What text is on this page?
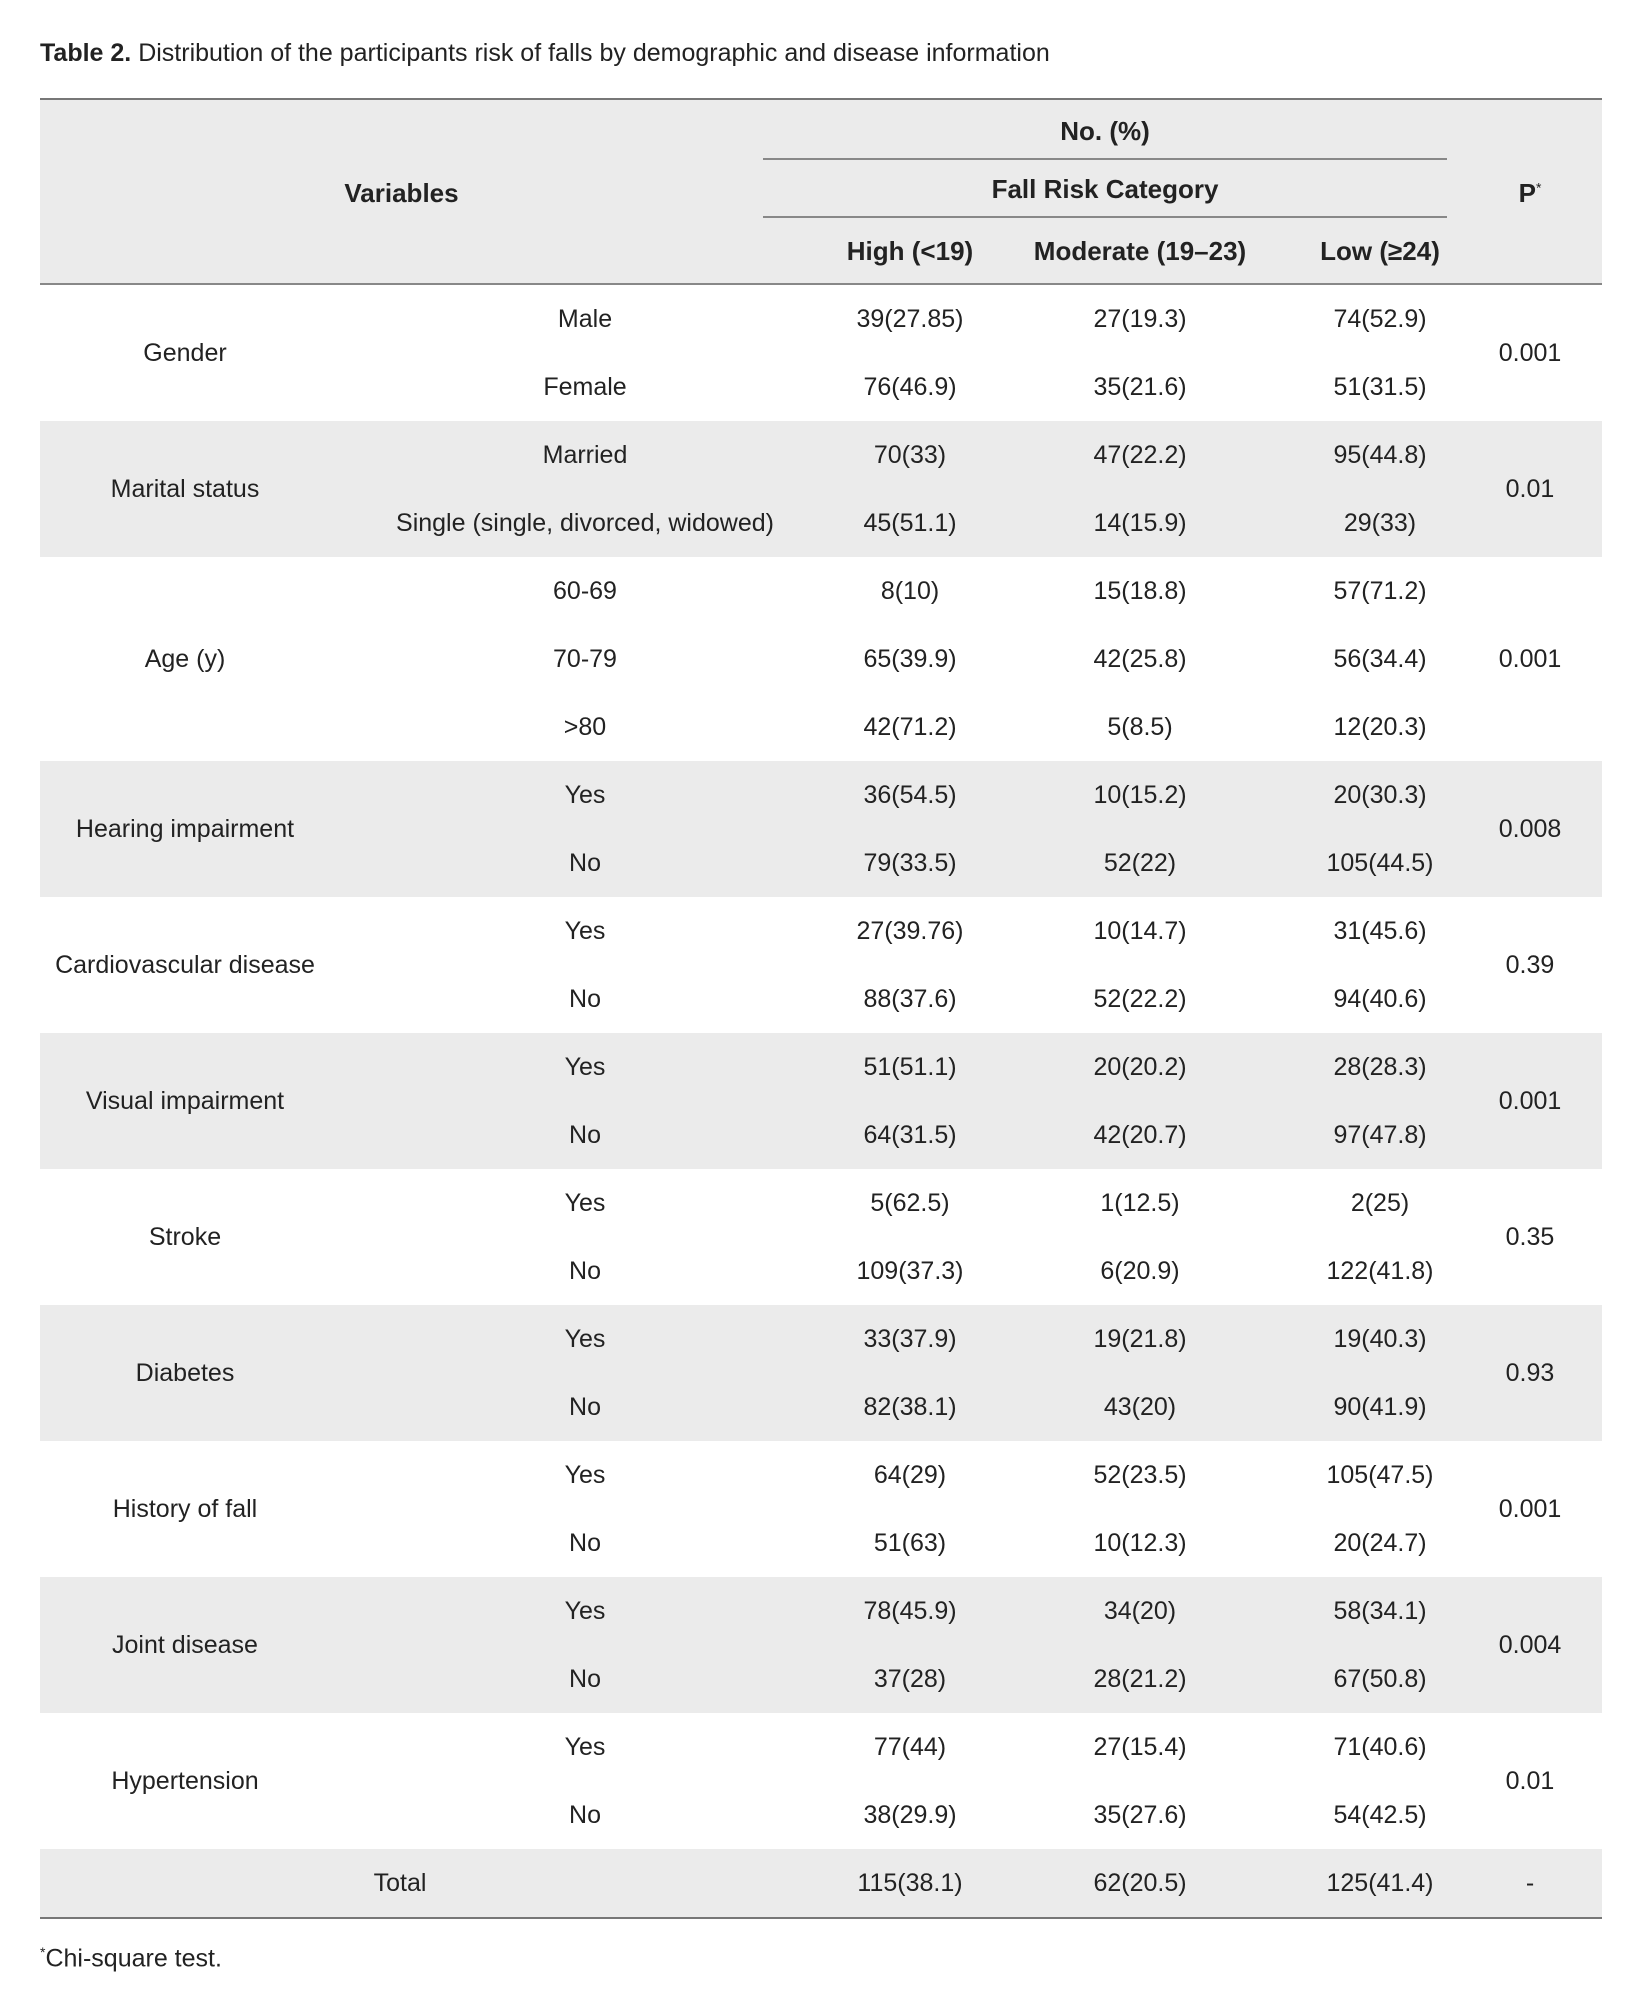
Table 2. Distribution of the participants risk of falls by demographic and disease information
Variables
No. (%)
Fall Risk Category
High (<19)	Moderate (19–23)	Low (≥24)
P*
Gender
Male	39(27.85)	27(19.3)	74(52.9)
Female	76(46.9)	35(21.6)	51(31.5)
0.001
Marital status
Married	70(33)	47(22.2)	95(44.8)
Single (single, divorced, widowed)	45(51.1)	14(15.9)	29(33)
0.01
Age (y)
60-69	8(10)	15(18.8)	57(71.2)
70-79	65(39.9)	42(25.8)	56(34.4)
>80	42(71.2)	5(8.5)	12(20.3)
0.001
Hearing impairment
Yes	36(54.5)	10(15.2)	20(30.3)
No	79(33.5)	52(22)	105(44.5)
0.008
Cardiovascular disease
Yes	27(39.76)	10(14.7)	31(45.6)
No	88(37.6)	52(22.2)	94(40.6)
0.39
Visual impairment
Yes	51(51.1)	20(20.2)	28(28.3)
No	64(31.5)	42(20.7)	97(47.8)
0.001
Stroke
Yes	5(62.5)	1(12.5)	2(25)
No	109(37.3)	6(20.9)	122(41.8)
0.35
Diabetes
Yes	33(37.9)	19(21.8)	19(40.3)
No	82(38.1)	43(20)	90(41.9)
0.93
History of fall
Yes	64(29)	52(23.5)	105(47.5)
No	51(63)	10(12.3)	20(24.7)
0.001
Joint disease
Yes	78(45.9)	34(20)	58(34.1)
No	37(28)	28(21.2)	67(50.8)
0.004
Hypertension
Yes	77(44)	27(15.4)	71(40.6)
No	38(29.9)	35(27.6)	54(42.5)
0.01
Total	115(38.1)	62(20.5)	125(41.4)	-
*Chi-square test.
